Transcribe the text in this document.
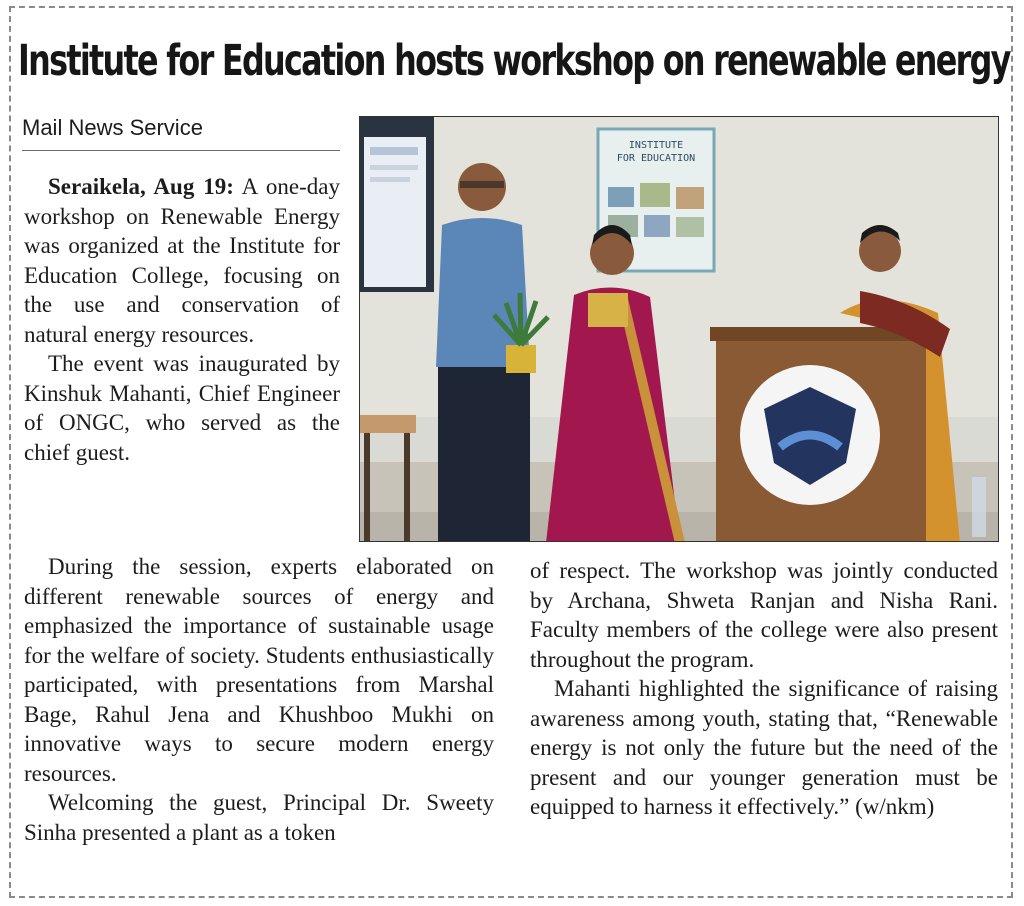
Institute for Education hosts workshop on renewable energy
Mail News Service

Seraikela, Aug 19: A one-day workshop on Renewable Energy was organized at the Institute for Education College, focusing on the use and conservation of natural energy resources.

The event was inaugurated by Kinshuk Mahanti, Chief Engineer of ONGC, who served as the chief guest.

During the session, experts elaborated on different renewable sources of energy and emphasized the importance of sustainable usage for the welfare of society. Students enthusiastically participated, with presentations from Marshal Bage, Rahul Jena and Khushboo Mukhi on innovative ways to secure modern energy resources.

Welcoming the guest, Principal Dr. Sweety Sinha presented a plant as a token

of respect. The workshop was jointly conducted by Archana, Shweta Ranjan and Nisha Rani. Faculty members of the college were also present throughout the program.

Mahanti highlighted the significance of raising awareness among youth, stating that, “Renewable energy is not only the future but the need of the present and our younger generation must be equipped to harness it effectively.” (w/nkm)

INSTITUTE
FOR EDUCATION
